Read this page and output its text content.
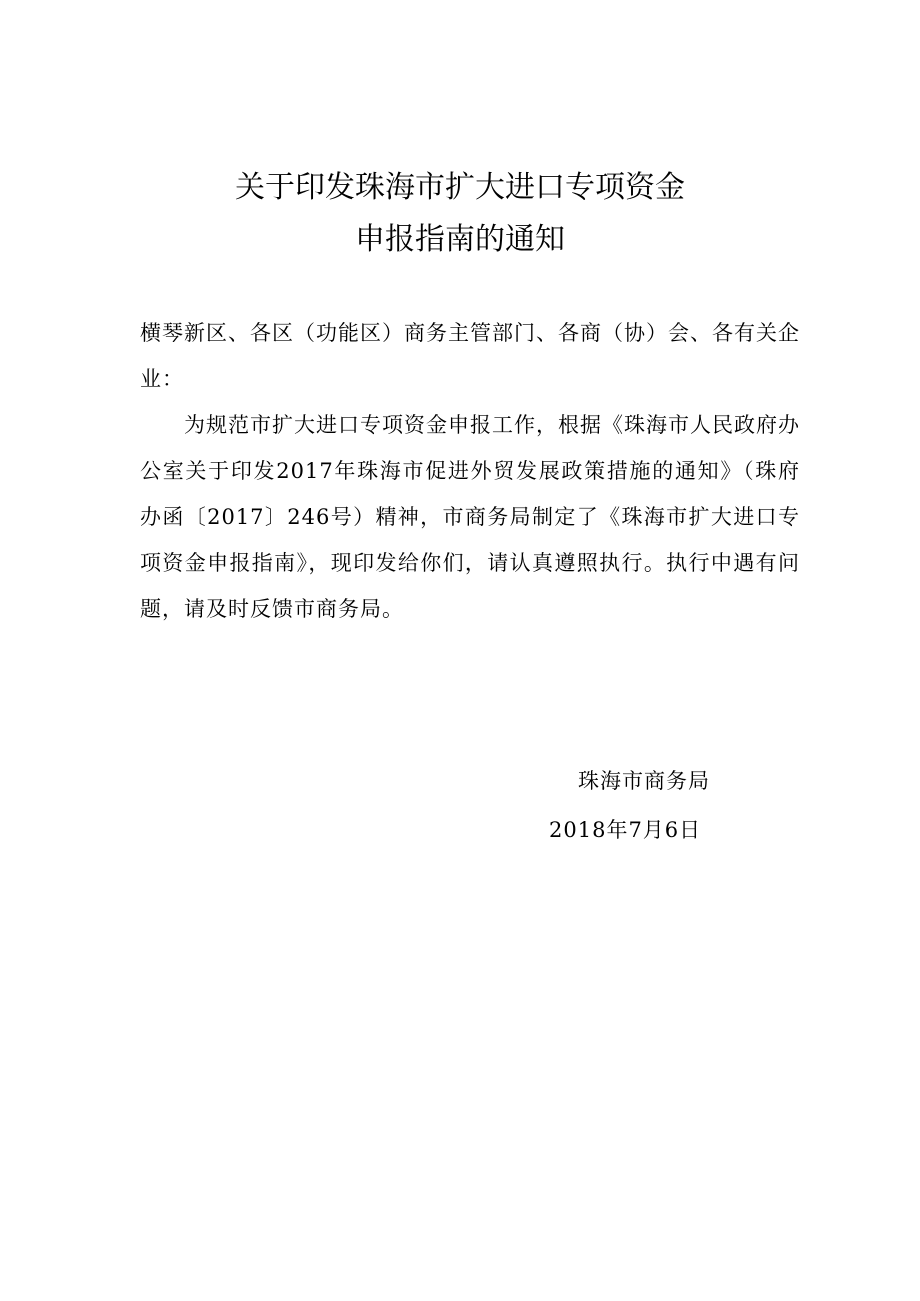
关于印发珠海市扩大进口专项资金
申报指南的通知

横琴新区、各区（功能区）商务主管部门、各商（协）会、各有关企业：

为规范市扩大进口专项资金申报工作，根据《珠海市人民政府办公室关于印发2017年珠海市促进外贸发展政策措施的通知》（珠府办函〔2017〕246号）精神，市商务局制定了《珠海市扩大进口专项资金申报指南》，现印发给你们，请认真遵照执行。执行中遇有问题，请及时反馈市商务局。

珠海市商务局
2018年7月6日
